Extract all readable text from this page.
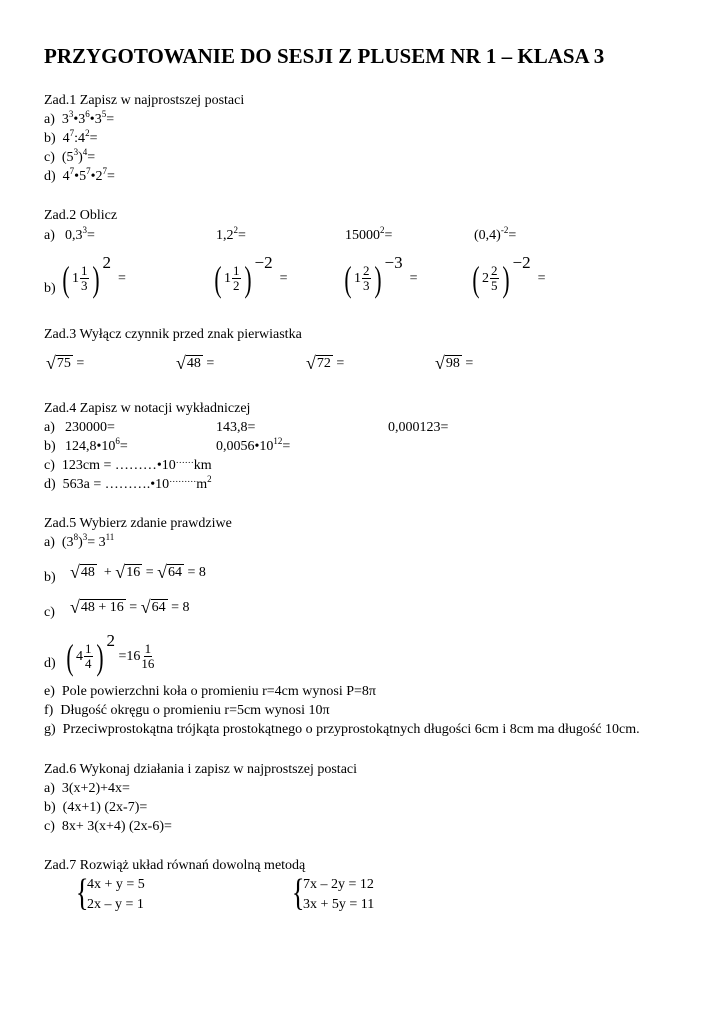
PRZYGOTOWANIE DO SESJI Z PLUSEM NR 1 – KLASA 3
Zad.1 Zapisz w najprostszej postaci
a) $3^3•3^6•3^5=$
b) $4^7:4^2=$
c) $(5^3)^4=$
d) $4^7•5^7•2^7=$
Zad.2 Oblicz
a) $0,3^3=$	$1,2^2=$	$15000^2=$	$(0,4)^{-2}=$
b) ( $1 \frac{1}{3}$ ) 2  = ( $1 \frac{1}{2}$ ) −2  = ( $1 \frac{2}{3}$ ) −3  = ( $2 \frac{2}{5}$ ) −2  =
Zad.3 Wyłącz czynnik przed znak pierwiastka
√75 =	√48 =	√72 =	√98 =
Zad.4 Zapisz w notacji wykładniczej
a) 230000=	143,8=	0,000123=
b) $124,8•10^6=$	$0,0056•10^{12}=$
c) 123cm = ………•10……km
d) $563a = \dots\dots\dots.•10^{\dots\dots\dots}m^2$
Zad.5 Wybierz zdanie prawdziwe
a) $(3^8)^3= 3^{11}$
b) √48 + √16 = √64 = 8
c) √48 + 16 = √64 = 8
d) ( $4 \frac{1}{4}$ ) $2 =16 \frac{1}{16}$
e) Pole powierzchni koła o promieniu r=4cm wynosi P=8π
f) Długość okręgu o promieniu r=5cm wynosi 10π
g) Przeciwprostokątna trójkąta prostokątnego o przyprostokątnych długości 6cm i 8cm ma długość 10cm.
Zad.6 Wykonaj działania i zapisz w najprostszej postaci
a) 3(x+2)+4x=
b) (4x+1) (2x-7)=
c) 8x+ 3(x+4) (2x-6)=
Zad.7 Rozwiąż układ równań dowolną metodą
{
4x + y = 5
2x – y = 1	{
7x – 2y = 12
3x + 5y = 11
